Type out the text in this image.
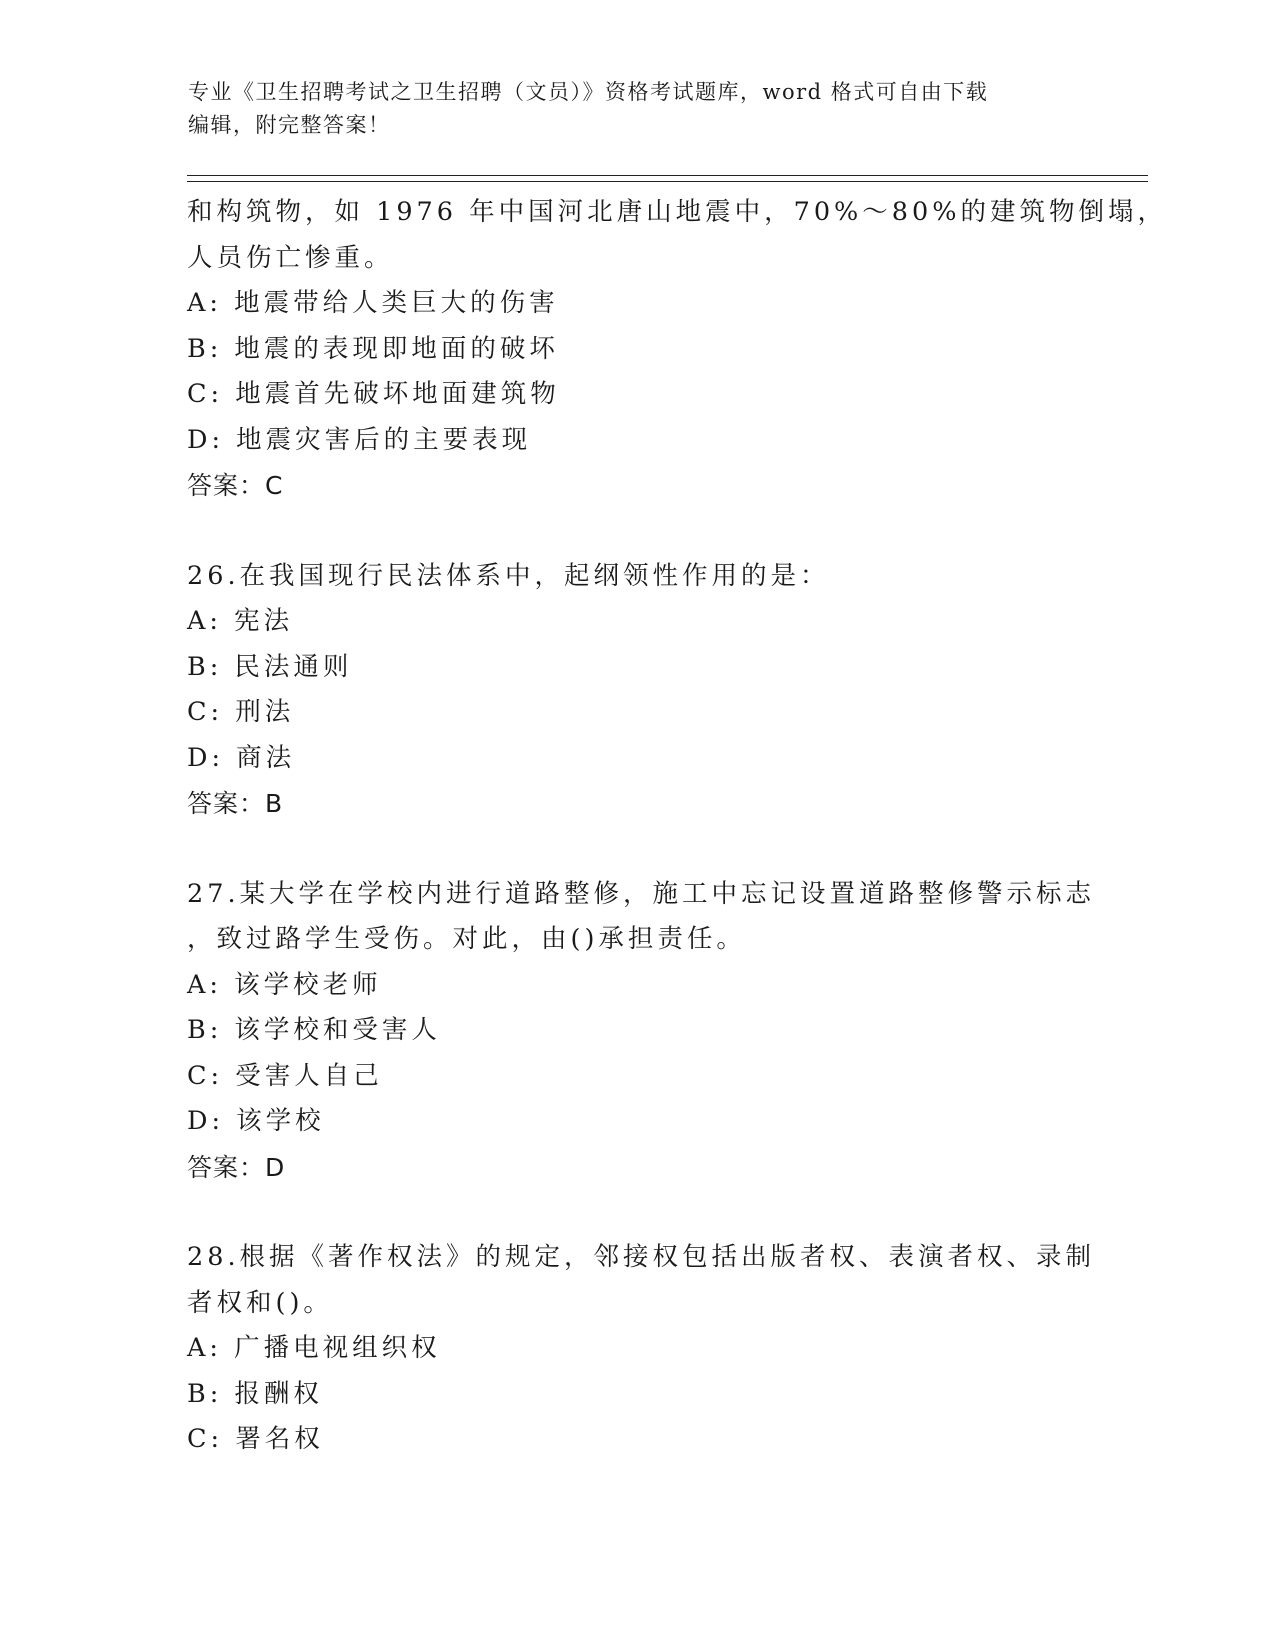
专业《卫生招聘考试之卫生招聘（文员）》资格考试题库，word 格式可自由下载
编辑，附完整答案！
和构筑物，如 1976 年中国河北唐山地震中，70%～80%的建筑物倒塌，
人员伤亡惨重。
A: 地震带给人类巨大的伤害
B: 地震的表现即地面的破坏
C: 地震首先破坏地面建筑物
D: 地震灾害后的主要表现
答案：C
26.在我国现行民法体系中，起纲领性作用的是：
A: 宪法
B: 民法通则
C: 刑法
D: 商法
答案：B
27.某大学在学校内进行道路整修，施工中忘记设置道路整修警示标志
，致过路学生受伤。对此，由()承担责任。
A: 该学校老师
B: 该学校和受害人
C: 受害人自己
D: 该学校
答案：D
28.根据《著作权法》的规定，邻接权包括出版者权、表演者权、录制
者权和()。
A: 广播电视组织权
B: 报酬权
C: 署名权
